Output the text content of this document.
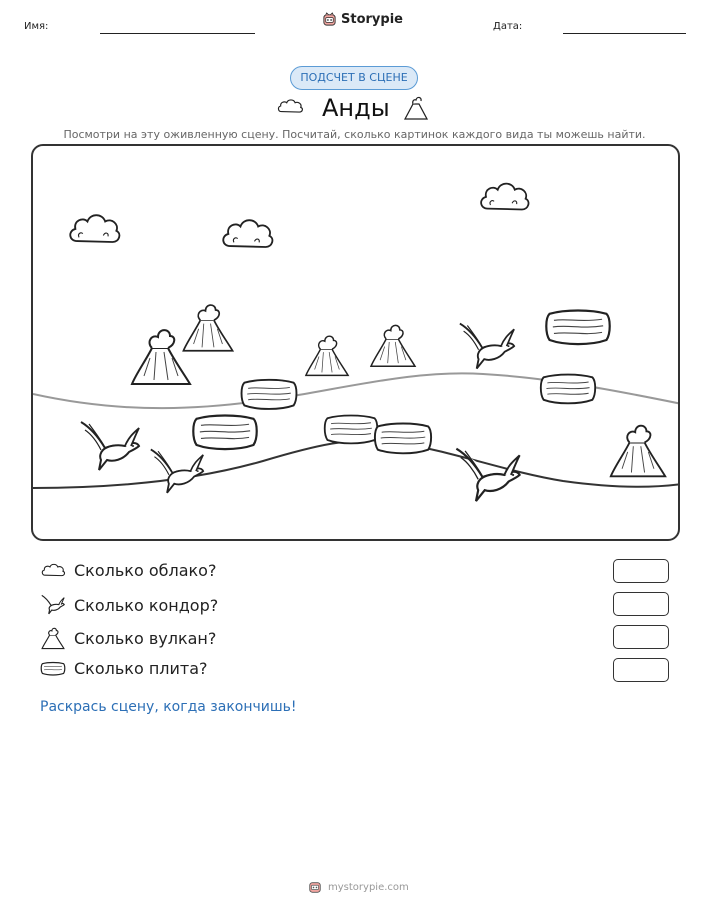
Имя:	Storypie	Дата:
ПОДСЧЕТ В СЦЕНЕ
Анды
Посмотри на эту оживленную сцену. Посчитай, сколько картинок каждого вида ты можешь найти.
Сколько облако?
Сколько кондор?
Сколько вулкан?
Сколько плита?
Раскрась сцену, когда закончишь!
mystorypie.com
